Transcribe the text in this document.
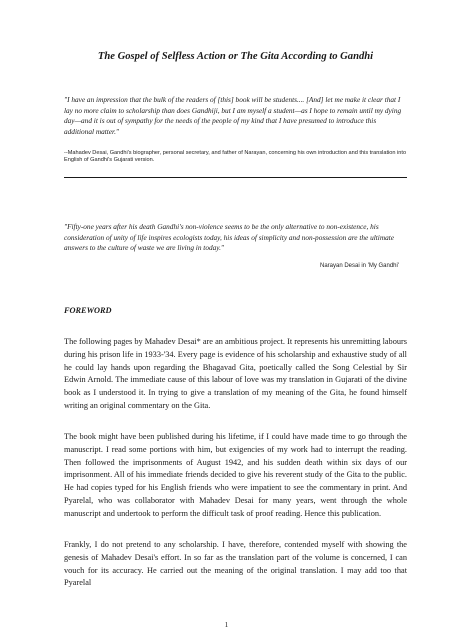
The Gospel of Selfless Action or The Gita According to Gandhi

"I have an impression that the bulk of the readers of [this] book will be students.... [And] let me make it clear that I lay no more claim to scholarship than does Gandhiji, but I am myself a student—as I hope to remain until my dying day—and it is out of sympathy for the needs of the people of my kind that I have presumed to introduce this additional matter."

--Mahadev Desai, Gandhi's biographer, personal secretary, and father of Narayan, concerning his own introduction and this translation into English of Gandhi's Gujarati version.

"Fifty-one years after his death Gandhi's non-violence seems to be the only alternative to non-existence, his consideration of unity of life inspires ecologists today, his ideas of simplicity and non-possession are the ultimate answers to the culture of waste we are living in today."

Narayan Desai in 'My Gandhi'

FOREWORD

The following pages by Mahadev Desai* are an ambitious project. It represents his unremitting labours during his prison life in 1933-'34. Every page is evidence of his scholarship and exhaustive study of all he could lay hands upon regarding the Bhagavad Gita, poetically called the Song Celestial by Sir Edwin Arnold. The immediate cause of this labour of love was my translation in Gujarati of the divine book as I understood it. In trying to give a translation of my meaning of the Gita, he found himself writing an original commentary on the Gita.

The book might have been published during his lifetime, if I could have made time to go through the manuscript. I read some portions with him, but exigencies of my work had to interrupt the reading. Then followed the imprisonments of August 1942, and his sudden death within six days of our imprisonment. All of his immediate friends decided to give his reverent study of the Gita to the public. He had copies typed for his English friends who were impatient to see the commentary in print. And Pyarelal, who was collaborator with Mahadev Desai for many years, went through the whole manuscript and undertook to perform the difficult task of proof reading. Hence this publication.

Frankly, I do not pretend to any scholarship. I have, therefore, contended myself with showing the genesis of Mahadev Desai's effort. In so far as the translation part of the volume is concerned, I can vouch for its accuracy. He carried out the meaning of the original translation. I may add too that Pyarelal

1
